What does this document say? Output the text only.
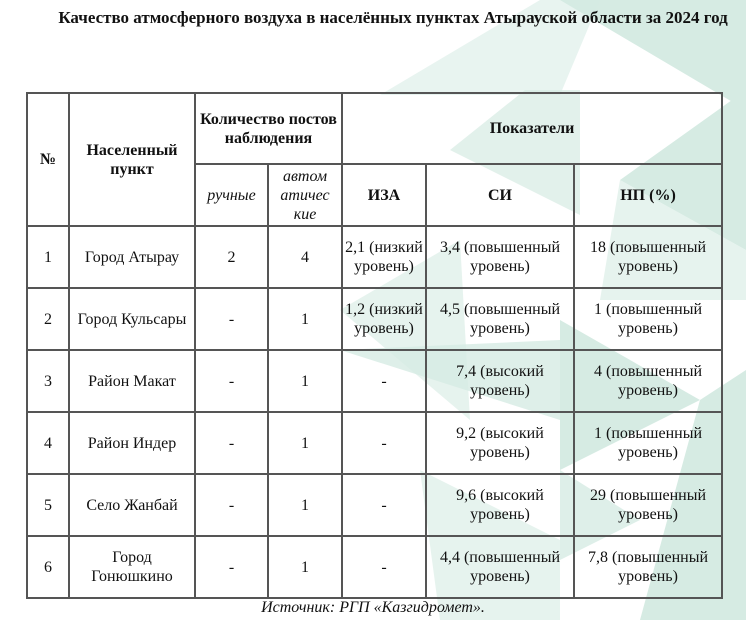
Качество атмосферного воздуха в населённых пунктах Атырауской области за 2024 год
№	Населенный пункт	Количество постов наблюдения		Показатели		
		ручные	автом атичес кие	ИЗА	СИ	НП (%)
1	Город Атырау	2	4	2,1 (низкий уровень)	3,4 (повышенный уровень)	18 (повышенный уровень)
2	Город Кульсары	-	1	1,2 (низкий уровень)	4,5 (повышенный уровень)	1 (повышенный уровень)
3	Район Макат	-	1	-	7,4 (высокий уровень)	4 (повышенный уровень)
4	Район Индер	-	1	-	9,2 (высокий уровень)	1 (повышенный уровень)
5	Село Жанбай	-	1	-	9,6 (высокий уровень)	29 (повышенный уровень)
6	Город Гонюшкино	-	1	-	4,4 (повышенный уровень)	7,8 (повышенный уровень)
Источник: РГП «Казгидромет».
